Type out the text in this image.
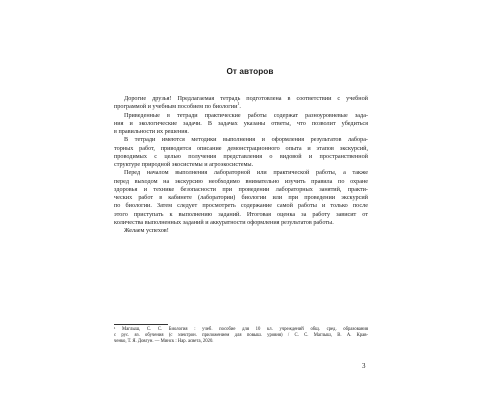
От авторов
Дорогие друзья! Предлагаемая тетрадь подготовлена в соответствии с учебной
программой и учебным пособием по биологии$^1$.
Приведенные в тетради практические работы содержат разноуровневые зада-
ния и экологические задачи. В задачах указаны ответы, что позволит убедиться
в правильности их решения.
В тетради имеются методики выполнения и оформления результатов лабора-
торных работ, приводится описание демонстрационного опыта и этапов экскурсий,
проводимых с целью получения представления о видовой и пространственной
структуре природной экосистемы и агроэкосистемы.
Перед началом выполнения лабораторной или практической работы, а также
перед выходом на экскурсию необходимо внимательно изучить правила по охране
здоровья и технике безопасности при проведении лабораторных занятий, практи-
ческих работ в кабинете (лаборатории) биологии или при проведении экскурсий
по биологии. Затем следует просмотреть содержание самой работы и только после
этого приступать к выполнению заданий. Итоговая оценка за работу зависит от
количества выполненных заданий и аккуратности оформления результатов работы.
Желаем успехов!
¹ Маглыш, С. С. Биология : учеб. пособие для 10 кл. учреждений общ. сред. образования
с рус. яз. обучения (с электрон. приложением для повыш. уровня) / С. С. Маглыш, В. А. Крав-
ченко, Т. Я. Довгун. — Минск : Нар. асвета, 2020.

3
